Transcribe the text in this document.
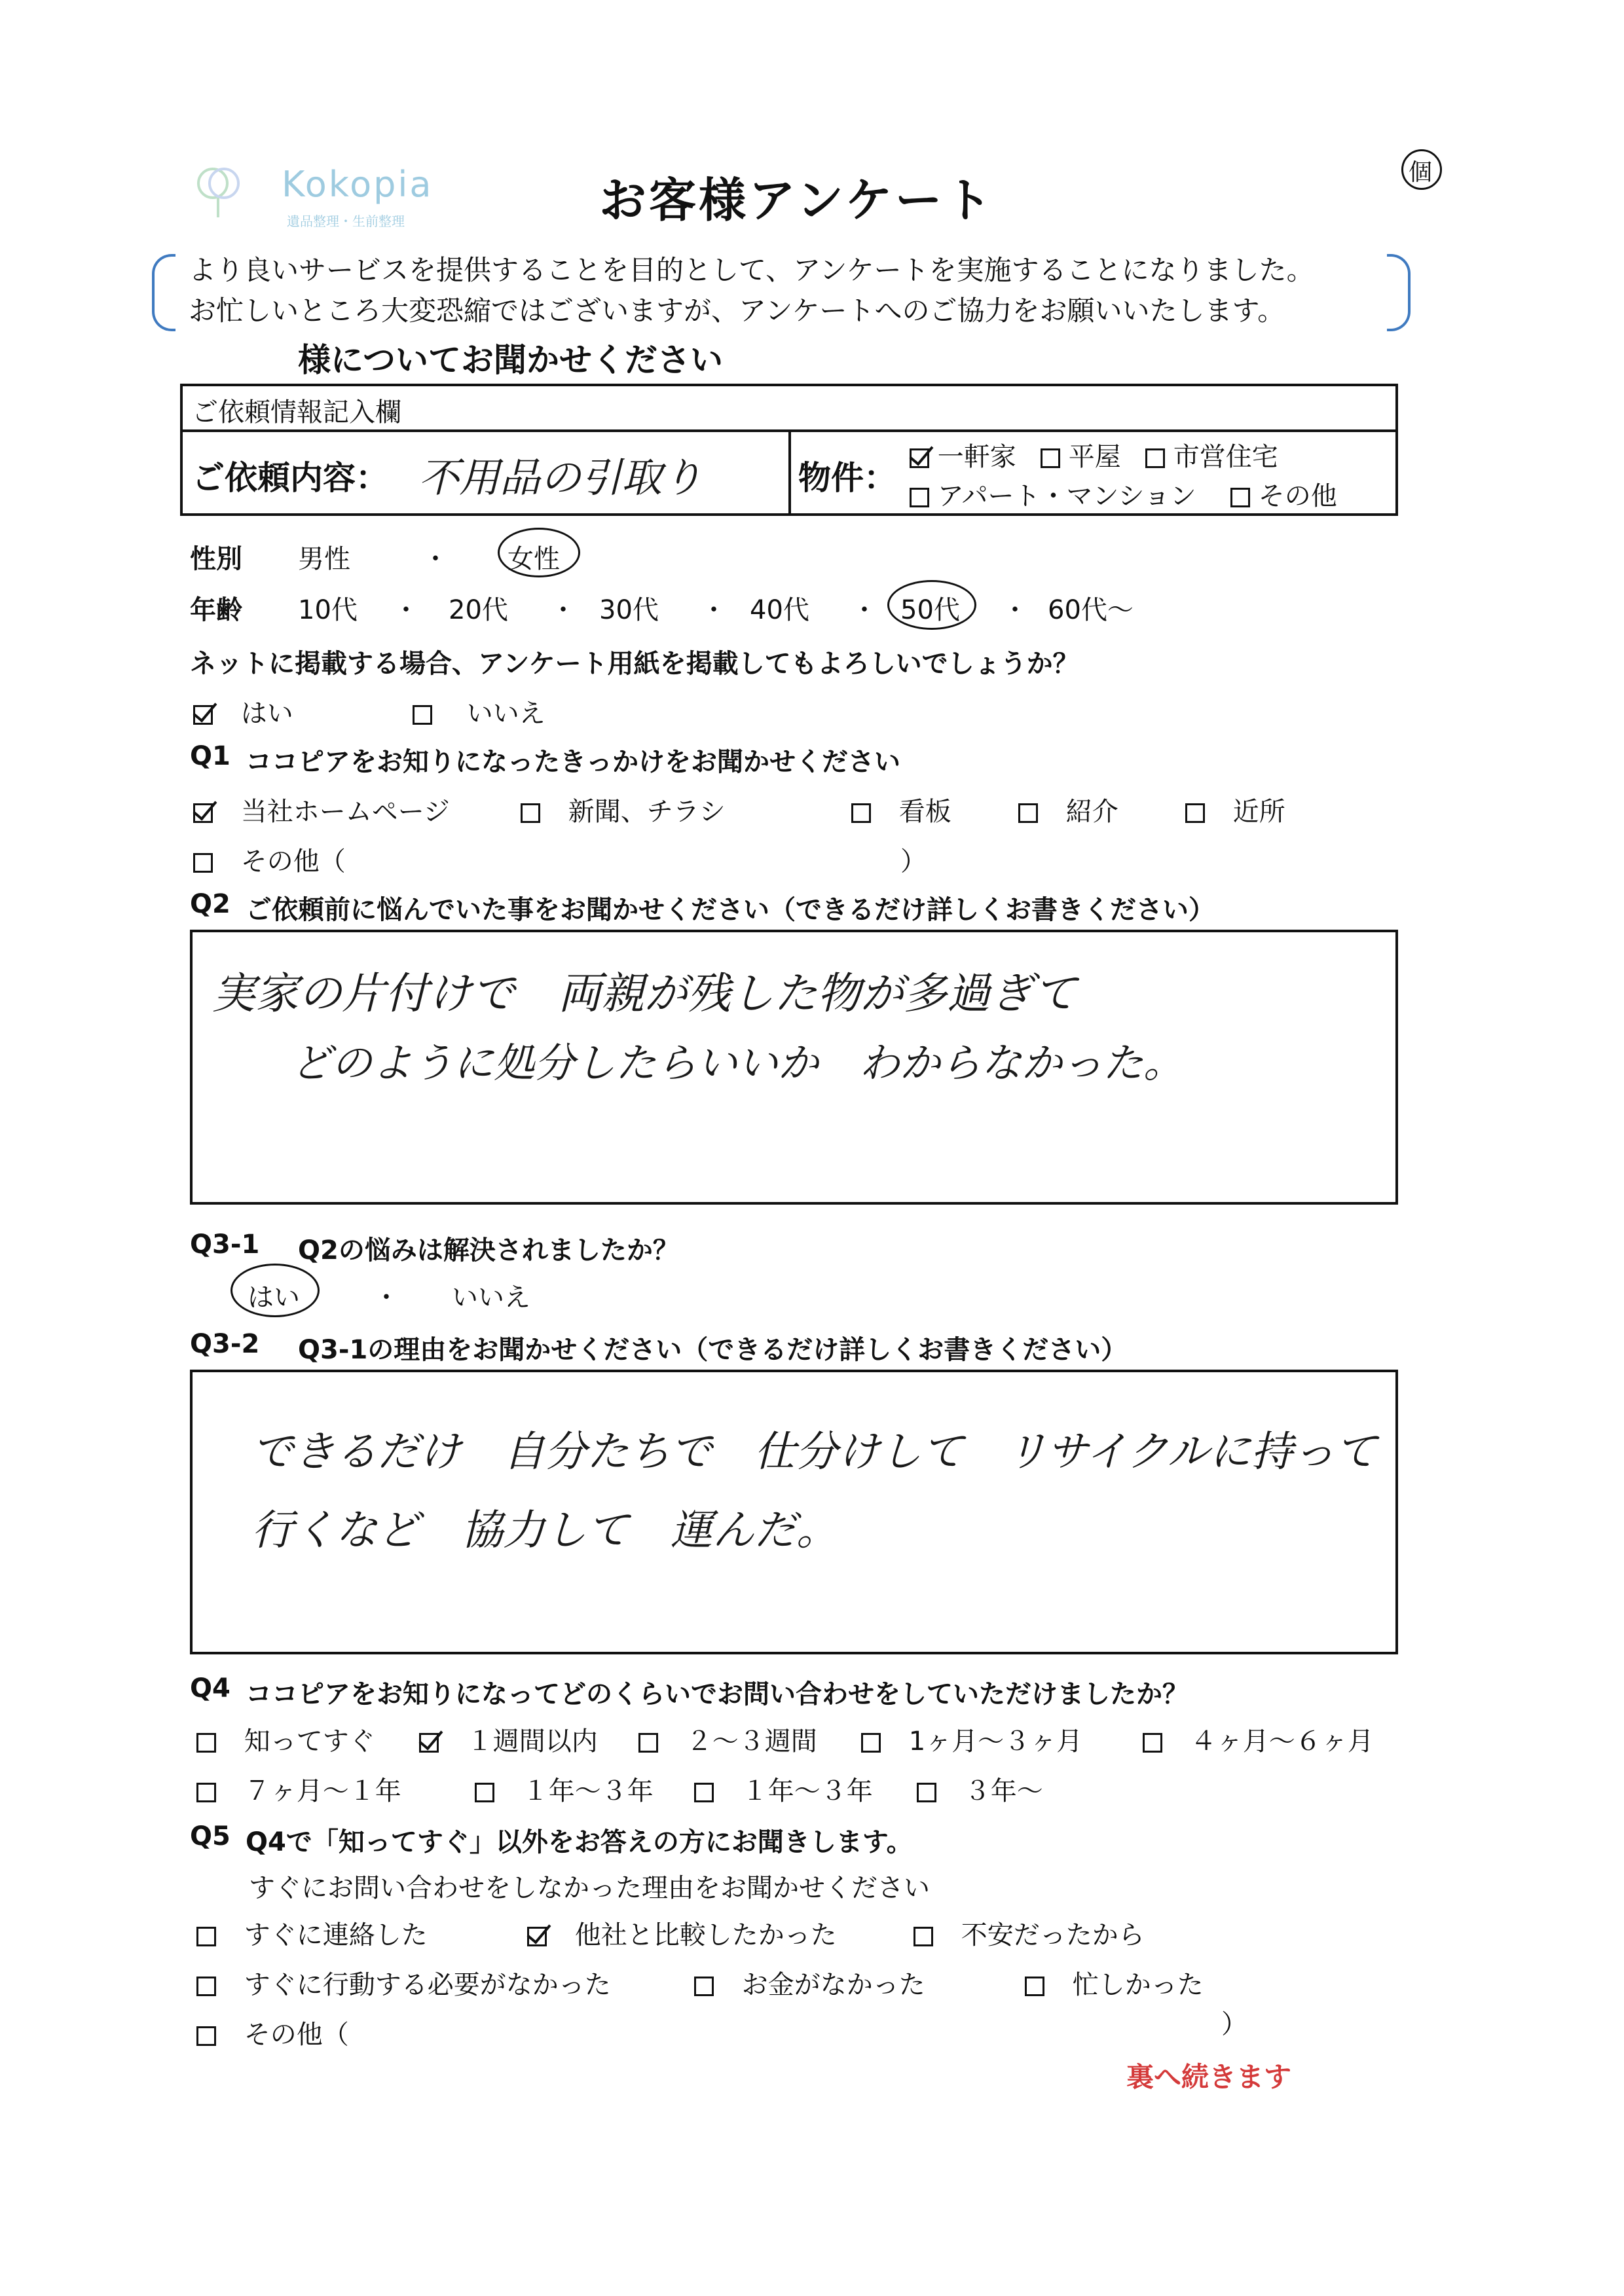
Kokopia
遺品整理・生前整理
個
お客様アンケート
より良いサービスを提供することを目的として、アンケートを実施することになりました。
お忙しいところ大変恐縮ではございますが、アンケートへのご協力をお願いいたします。
様についてお聞かせください
ご依頼情報記入欄
ご依頼内容： 不用品の引取り	物件：
一軒家	平屋	市営住宅
アパート・マンション	その他
性別 男性	・ 女性
年齢 10代 ・ 20代 ・ 30代 ・ 40代 ・ 50代 ・ 60代〜
ネットに掲載する場合、アンケート用紙を掲載してもよろしいでしょうか？
はい	いいえ
Q1 ココピアをお知りになったきっかけをお聞かせください
当社ホームページ	新聞、チラシ	看板	紹介	近所
その他（	）
Q2 ご依頼前に悩んでいた事をお聞かせください（できるだけ詳しくお書きください）
実家の片付けで　両親が残した物が多過ぎて
どのように処分したらいいか　わからなかった。
Q3-1 Q2の悩みは解決されましたか？
はい	・ いいえ
Q3-2 Q3-1の理由をお聞かせください（できるだけ詳しくお書きください）
できるだけ　自分たちで　仕分けして　リサイクルに持って
行くなど　協力して　運んだ。
Q4 ココピアをお知りになってどのくらいでお問い合わせをしていただけましたか？
知ってすぐ	１週間以内	２〜３週間	1ヶ月〜３ヶ月	４ヶ月〜６ヶ月
７ヶ月〜１年	１年〜３年	１年〜３年	３年〜
Q5 Q4で「知ってすぐ」以外をお答えの方にお聞きします。
すぐにお問い合わせをしなかった理由をお聞かせください
すぐに連絡した	他社と比較したかった	不安だったから
すぐに行動する必要がなかった	お金がなかった	忙しかった
その他（	）
裏へ続きます
